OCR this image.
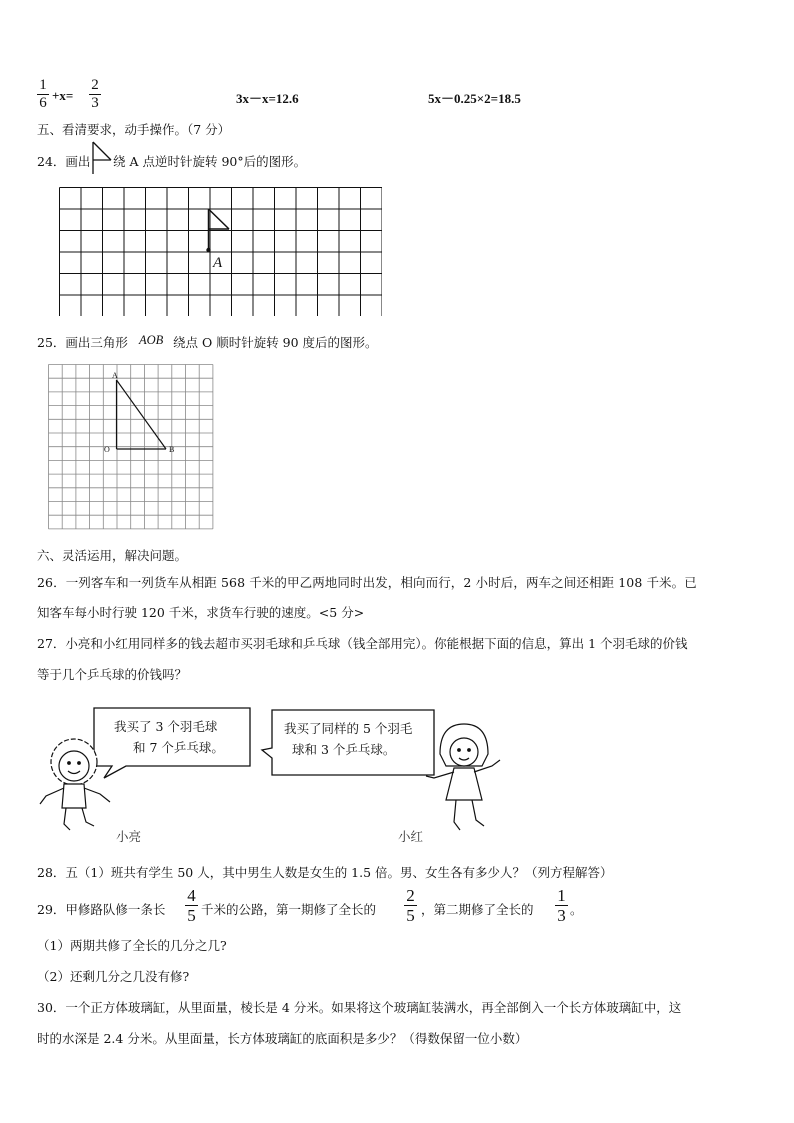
1
6 +x=
2
3	3x－x=12.6	5x－0.25×2=18.5
五、看清要求，动手操作。（7 分）
24．画出 绕 A 点逆时针旋转 90°后的图形。
A
25．画出三角形 AOB 绕点 O 顺时针旋转 90 度后的图形。
A
O	B
六、灵活运用，解决问题。
26．一列客车和一列货车从相距 568 千米的甲乙两地同时出发，相向而行，2 小时后，两车之间还相距 108 千米。已
知客车每小时行驶 120 千米，求货车行驶的速度。<5 分>
27．小亮和小红用同样多的钱去超市买羽毛球和乒乓球（钱全部用完）。你能根据下面的信息，算出 1 个羽毛球的价钱
等于几个乒乓球的价钱吗？
我买了 3 个羽毛球
和 7 个乒乓球。
我买了同样的 5 个羽毛
球和 3 个乒乓球。
小亮	小红
28．五（1）班共有学生 50 人，其中男生人数是女生的 1.5 倍。男、女生各有多少人？（列方程解答）
29．甲修路队修一条长
4
5 千米的公路，第一期修了全长的
2
5 ，第二期修了全长的
1
3 。
（1）两期共修了全长的几分之几?
（2）还剩几分之几没有修?
30．一个正方体玻璃缸，从里面量，棱长是 4 分米。如果将这个玻璃缸装满水，再全部倒入一个长方体玻璃缸中，这
时的水深是 2.4 分米。从里面量，长方体玻璃缸的底面积是多少？（得数保留一位小数）
